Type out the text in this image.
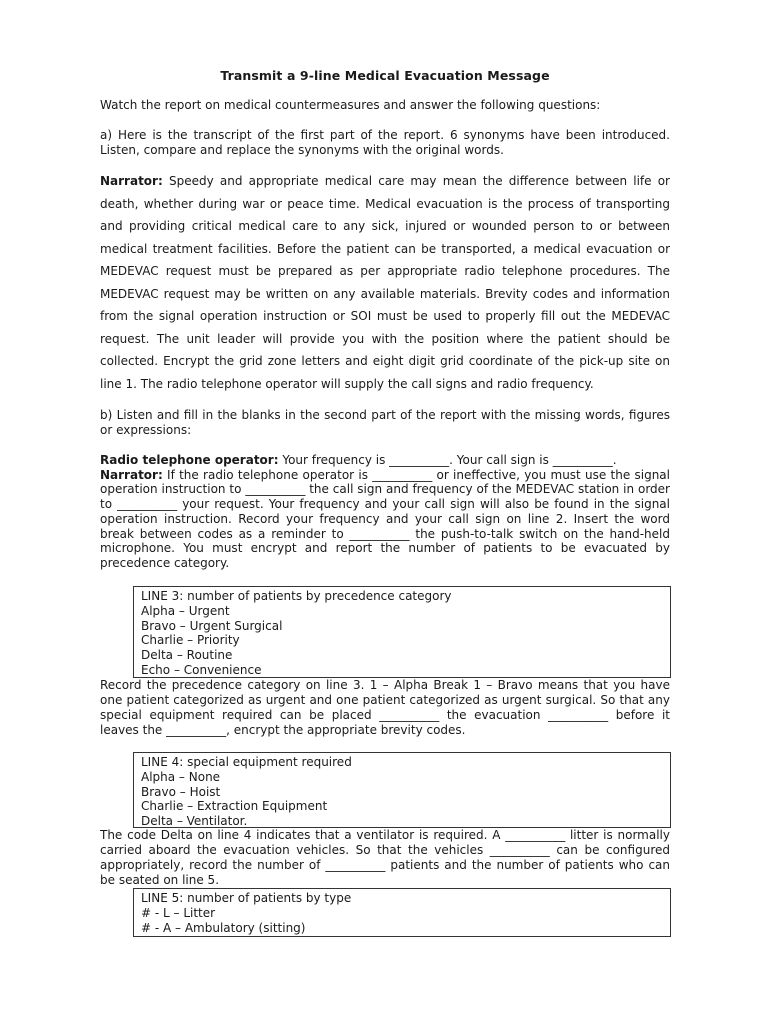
Transmit a 9-line Medical Evacuation Message
Watch the report on medical countermeasures and answer the following questions:

a) Here is the transcript of the first part of the report. 6 synonyms have been introduced. Listen, compare and replace the synonyms with the original words.

Narrator: Speedy and appropriate medical care may mean the difference between life or death, whether during war or peace time. Medical evacuation is the process of transporting and providing critical medical care to any sick, injured or wounded person to or between medical treatment facilities. Before the patient can be transported, a medical evacuation or MEDEVAC request must be prepared as per appropriate radio telephone procedures. The MEDEVAC request may be written on any available materials. Brevity codes and information from the signal operation instruction or SOI must be used to properly fill out the MEDEVAC request. The unit leader will provide you with the position where the patient should be collected. Encrypt the grid zone letters and eight digit grid coordinate of the pick-up site on line 1. The radio telephone operator will supply the call signs and radio frequency.

b) Listen and fill in the blanks in the second part of the report with the missing words, figures or expressions:

Radio telephone operator: Your frequency is __________. Your call sign is __________.
Narrator: If the radio telephone operator is __________ or ineffective, you must use the signal operation instruction to __________ the call sign and frequency of the MEDEVAC station in order to __________ your request. Your frequency and your call sign will also be found in the signal operation instruction. Record your frequency and your call sign on line 2. Insert the word break between codes as a reminder to __________ the push-to-talk switch on the hand-held microphone. You must encrypt and report the number of patients to be evacuated by precedence category.

LINE 3: number of patients by precedence category
Alpha – Urgent
Bravo – Urgent Surgical
Charlie – Priority
Delta – Routine
Echo – Convenience

Record the precedence category on line 3. 1 – Alpha Break 1 – Bravo means that you have one patient categorized as urgent and one patient categorized as urgent surgical. So that any special equipment required can be placed __________ the evacuation __________ before it leaves the __________, encrypt the appropriate brevity codes.

LINE 4: special equipment required
Alpha – None
Bravo – Hoist
Charlie – Extraction Equipment
Delta – Ventilator.

The code Delta on line 4 indicates that a ventilator is required. A __________ litter is normally carried aboard the evacuation vehicles. So that the vehicles __________ can be configured appropriately, record the number of __________ patients and the number of patients who can be seated on line 5.

LINE 5: number of patients by type
# - L – Litter
# - A – Ambulatory (sitting)
